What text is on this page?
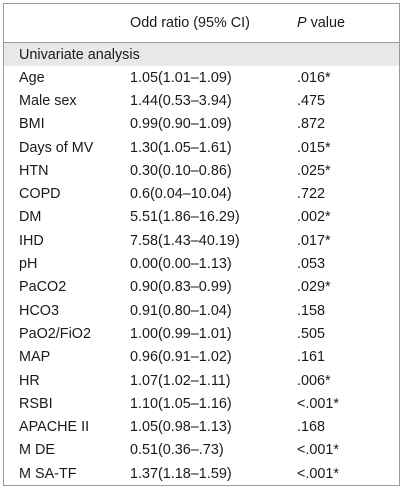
	Odd ratio (95% CI)	P value
Univariate analysis		
Age	1.05(1.01–1.09)	.016*
Male sex	1.44(0.53–3.94)	.475
BMI	0.99(0.90–1.09)	.872
Days of MV	1.30(1.05–1.61)	.015*
HTN	0.30(0.10–0.86)	.025*
COPD	0.6(0.04–10.04)	.722
DM	5.51(1.86–16.29)	.002*
IHD	7.58(1.43–40.19)	.017*
pH	0.00(0.00–1.13)	.053
PaCO2	0.90(0.83–0.99)	.029*
HCO3	0.91(0.80–1.04)	.158
PaO2/FiO2	1.00(0.99–1.01)	.505
MAP	0.96(0.91–1.02)	.161
HR	1.07(1.02–1.11)	.006*
RSBI	1.10(1.05–1.16)	<.001*
APACHE II	1.05(0.98–1.13)	.168
M DE	0.51(0.36–.73)	<.001*
M SA-TF	1.37(1.18–1.59)	<.001*
